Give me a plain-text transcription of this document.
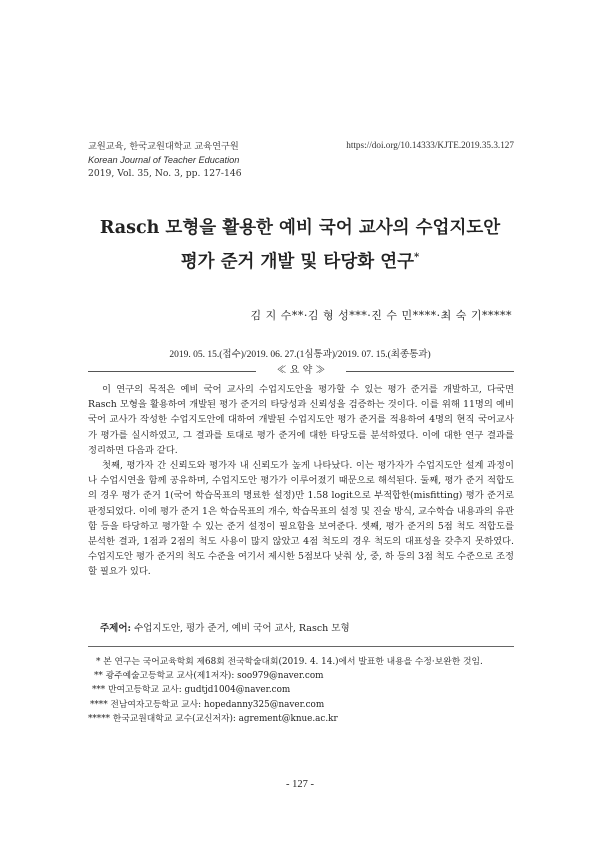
교원교육, 한국교원대학교 교육연구원
Korean Journal of Teacher Education
2019, Vol. 35, No. 3, pp. 127-146
https://doi.org/10.14333/KJTE.2019.35.3.127
Rasch 모형을 활용한 예비 국어 교사의 수업지도안
평가 준거 개발 및 타당화 연구*
김 지 수**·김 형 성***·진 수 민****·최 숙 기*****
2019. 05. 15.(접수)/2019. 06. 27.(1심통과)/2019. 07. 15.(최종통과)
≪ 요 약 ≫

이 연구의 목적은 예비 국어 교사의 수업지도안을 평가할 수 있는 평가 준거를 개발하고, 다국면 Rasch 모형을 활용하여 개발된 평가 준거의 타당성과 신뢰성을 검증하는 것이다. 이를 위해 11명의 예비 국어 교사가 작성한 수업지도안에 대하여 개발된 수업지도안 평가 준거를 적용하여 4명의 현직 국어교사가 평가를 실시하였고, 그 결과를 토대로 평가 준거에 대한 타당도를 분석하였다. 이에 대한 연구 결과를 정리하면 다음과 같다.

첫째, 평가자 간 신뢰도와 평가자 내 신뢰도가 높게 나타났다. 이는 평가자가 수업지도안 설계 과정이나 수업시연을 함께 공유하며, 수업지도안 평가가 이루어졌기 때문으로 해석된다. 둘째, 평가 준거 적합도의 경우 평가 준거 1(국어 학습목표의 명료한 설정)만 1.58 logit으로 부적합한(misfitting) 평가 준거로 판정되었다. 이에 평가 준거 1은 학습목표의 개수, 학습목표의 설정 및 진술 방식, 교수학습 내용과의 유관함 등을 타당하고 평가할 수 있는 준거 설정이 필요함을 보여준다. 셋째, 평가 준거의 5점 척도 적합도를 분석한 결과, 1점과 2점의 척도 사용이 많지 않았고 4점 척도의 경우 척도의 대표성을 갖추지 못하였다. 수업지도안 평가 준거의 척도 수준을 여기서 제시한 5점보다 낮춰 상, 중, 하 등의 3점 척도 수준으로 조정할 필요가 있다.

주제어: 수업지도안, 평가 준거, 예비 국어 교사, Rasch 모형
* 본 연구는 국어교육학회 제68회 전국학술대회(2019. 4. 14.)에서 발표한 내용을 수정·보완한 것임.
** 광주예술고등학교 교사(제1저자): soo979@naver.com
*** 반여고등학교 교사: gudtjd1004@naver.com
**** 전남여자고등학교 교사: hopedanny325@naver.com
***** 한국교원대학교 교수(교신저자): agrement@knue.ac.kr
- 127 -
